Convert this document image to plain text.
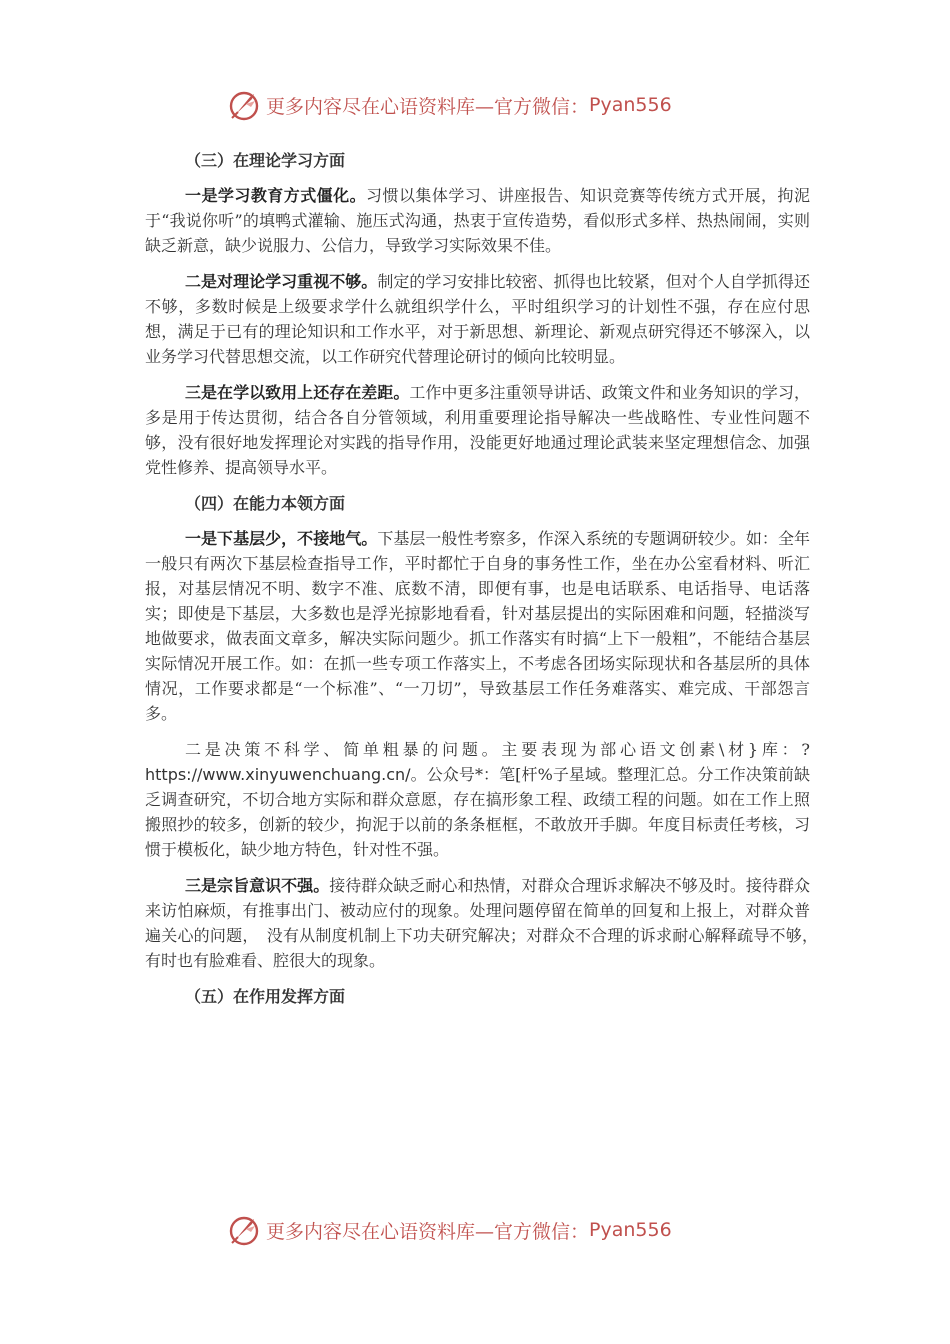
更多内容尽在心语资料库—官方微信： Pyan556
（三）在理论学习方面

一是学习教育方式僵化。习惯以集体学习、讲座报告、知识竞赛等传统方式开展，拘泥于“我说你听”的填鸭式灌输、施压式沟通，热衷于宣传造势，看似形式多样、热热闹闹，实则缺乏新意，缺少说服力、公信力，导致学习实际效果不佳。

二是对理论学习重视不够。制定的学习安排比较密、抓得也比较紧，但对个人自学抓得还不够，多数时候是上级要求学什么就组织学什么，平时组织学习的计划性不强，存在应付思想，满足于已有的理论知识和工作水平，对于新思想、新理论、新观点研究得还不够深入，以业务学习代替思想交流，以工作研究代替理论研讨的倾向比较明显。

三是在学以致用上还存在差距。工作中更多注重领导讲话、政策文件和业务知识的学习，多是用于传达贯彻，结合各自分管领域，利用重要理论指导解决一些战略性、专业性问题不够，没有很好地发挥理论对实践的指导作用，没能更好地通过理论武装来坚定理想信念、加强党性修养、提高领导水平。

（四）在能力本领方面

一是下基层少，不接地气。下基层一般性考察多，作深入系统的专题调研较少。如：全年一般只有两次下基层检查指导工作，平时都忙于自身的事务性工作，坐在办公室看材料、听汇报，对基层情况不明、数字不准、底数不清，即便有事，也是电话联系、电话指导、电话落实；即使是下基层，大多数也是浮光掠影地看看，针对基层提出的实际困难和问题，轻描淡写地做要求，做表面文章多，解决实际问题少。抓工作落实有时搞“上下一般粗”，不能结合基层实际情况开展工作。如：在抓一些专项工作落实上，不考虑各团场实际现状和各基层所的具体情况，工作要求都是“一个标准”、“一刀切”，导致基层工作任务难落实、难完成、干部怨言多。

二是决策不科学、简单粗暴的问题。主要表现为部心语文创素\材}库：?https://www.xinyuwenchuang.cn/。公众号*：笔[杆%子星域。整理汇总。分工作决策前缺乏调查研究，不切合地方实际和群众意愿，存在搞形象工程、政绩工程的问题。如在工作上照搬照抄的较多，创新的较少，拘泥于以前的条条框框，不敢放开手脚。年度目标责任考核，习惯于模板化，缺少地方特色，针对性不强。

三是宗旨意识不强。接待群众缺乏耐心和热情，对群众合理诉求解决不够及时。接待群众来访怕麻烦，有推事出门、被动应付的现象。处理问题停留在简单的回复和上报上，对群众普遍关心的问题，　没有从制度机制上下功夫研究解决；对群众不合理的诉求耐心解释疏导不够，　有时也有脸难看、腔很大的现象。

（五）在作用发挥方面
更多内容尽在心语资料库—官方微信： Pyan556
